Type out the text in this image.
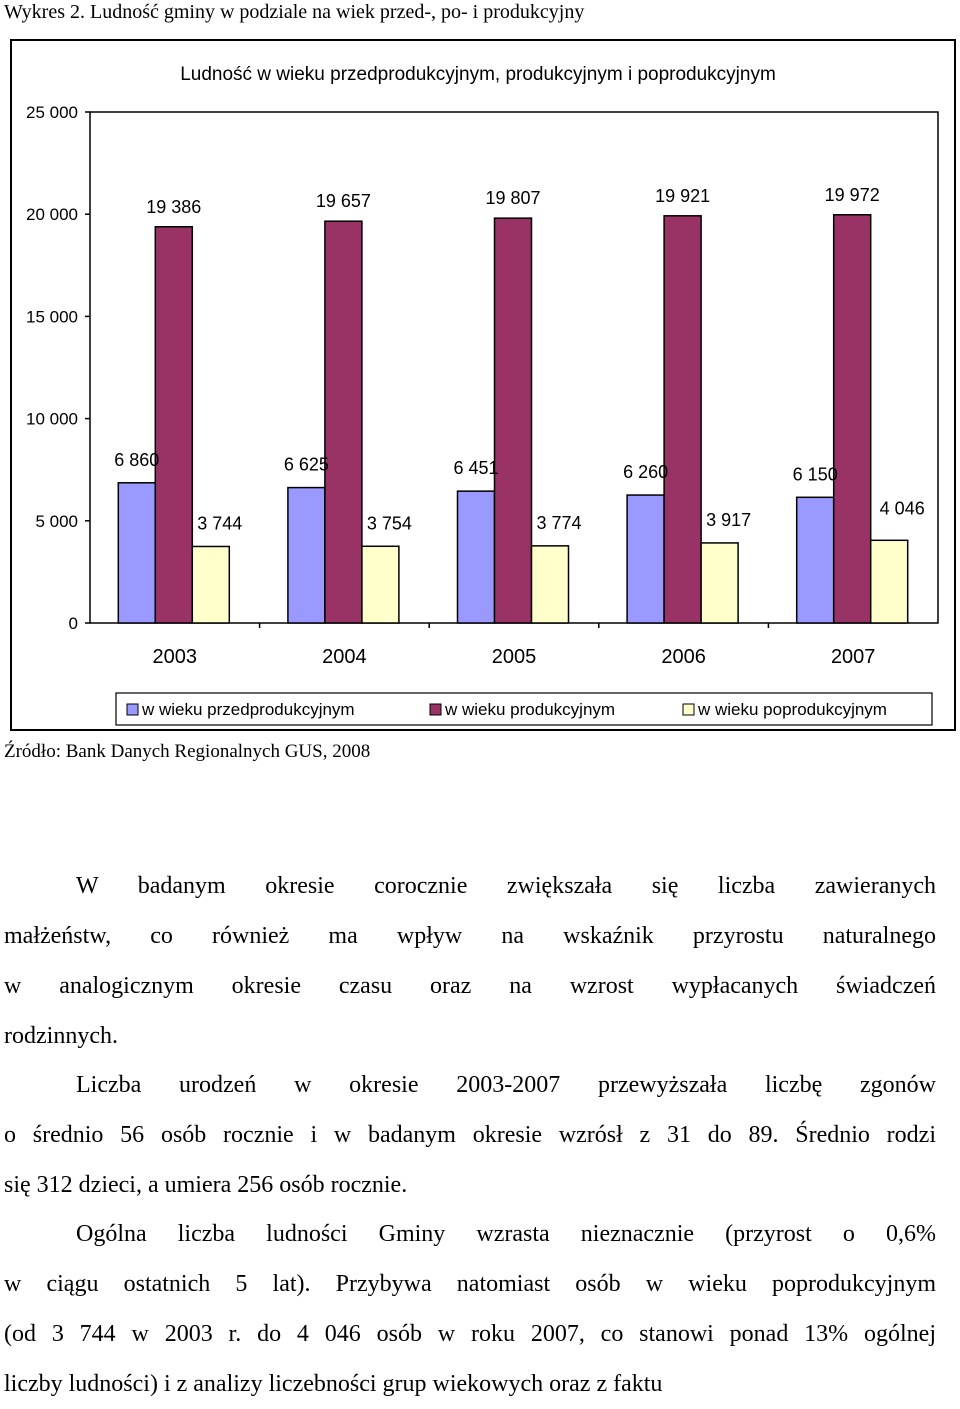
Wykres 2. Ludność gminy w podziale na wiek przed-, po- i produkcyjny
Ludność w wieku przedprodukcyjnym, produkcyjnym i poprodukcyjnym
0
5 000
10 000
15 000
20 000
25 000
2003	2004	2005	2006	2007
6 860
19 386
3 744
6 625
19 657
3 754
6 451
19 807
3 774
6 260
19 921
3 917
6 150
19 972
4 046
w wieku przedprodukcyjnym	w wieku produkcyjnym	w wieku poprodukcyjnym
Źródło: Bank Danych Regionalnych GUS, 2008
W badanym okresie corocznie zwiększała się liczba zawieranych
małżeństw, co również ma wpływ na wskaźnik przyrostu naturalnego
w analogicznym okresie czasu oraz na wzrost wypłacanych świadczeń
rodzinnych.
Liczba urodzeń w okresie 2003-2007 przewyższała liczbę zgonów
o średnio 56 osób rocznie i w badanym okresie wzrósł z 31 do 89. Średnio rodzi
się 312 dzieci, a umiera 256 osób rocznie.
Ogólna liczba ludności Gminy wzrasta nieznacznie (przyrost o 0,6%
w ciągu ostatnich 5 lat). Przybywa natomiast osób w wieku poprodukcyjnym
(od 3 744 w 2003 r. do 4 046 osób w roku 2007, co stanowi ponad 13% ogólnej
liczby ludności) i z analizy liczebności grup wiekowych oraz z faktu
